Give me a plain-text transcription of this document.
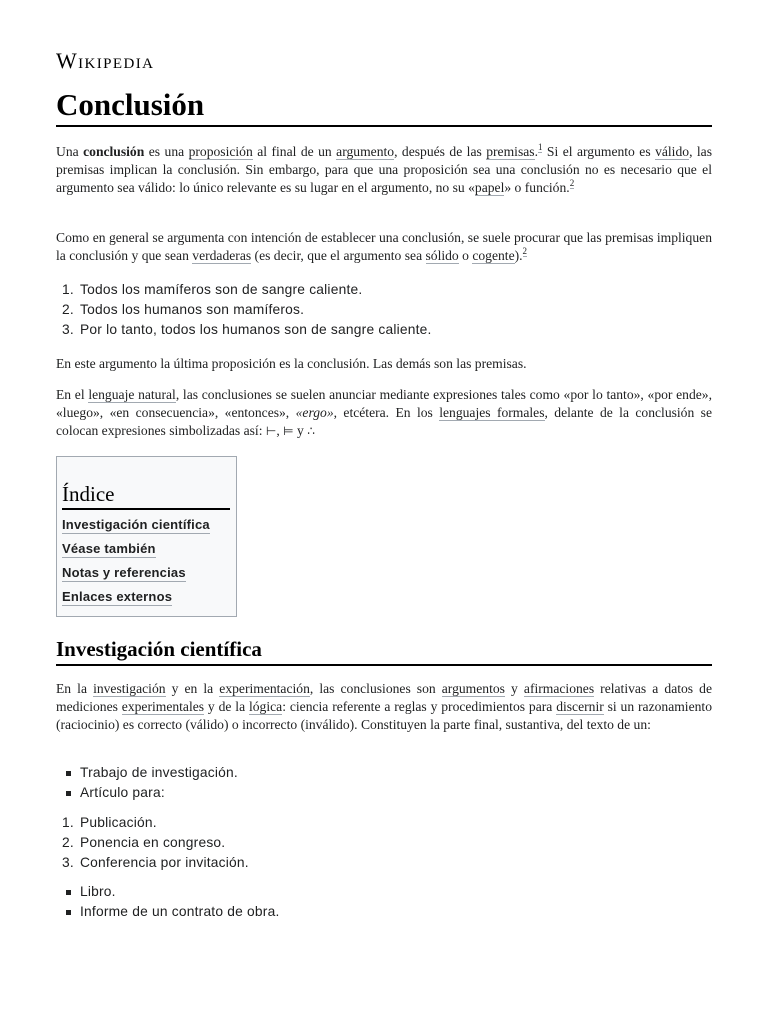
Wikipedia
Conclusión

Una conclusión es una proposición al final de un argumento, después de las premisas.$^1$ Si el argumento es válido, las premisas implican la conclusión. Sin embargo, para que una proposición sea una conclusión no es necesario que el argumento sea válido: lo único relevante es su lugar en el argumento, no su «papel» o función.$^2$

Como en general se argumenta con intención de establecer una conclusión, se suele procurar que las premisas impliquen la conclusión y que sean verdaderas (es decir, que el argumento sea sólido o cogente).$^2$

1. Todos los mamíferos son de sangre caliente.
2. Todos los humanos son mamíferos.
3. Por lo tanto, todos los humanos son de sangre caliente.

En este argumento la última proposición es la conclusión. Las demás son las premisas.

En el lenguaje natural, las conclusiones se suelen anunciar mediante expresiones tales como «por lo tanto», «por ende», «luego», «en consecuencia», «entonces», «ergo», etcétera. En los lenguajes formales, delante de la conclusión se colocan expresiones simbolizadas así: ⊢, ⊨ y ∴

Índice
Investigación científica
Véase también
Notas y referencias
Enlaces externos
Investigación científica

En la investigación y en la experimentación, las conclusiones son argumentos y afirmaciones relativas a datos de mediciones experimentales y de la lógica: ciencia referente a reglas y procedimientos para discernir si un razonamiento (raciocinio) es correcto (válido) o incorrecto (inválido). Constituyen la parte final, sustantiva, del texto de un:

Trabajo de investigación.
Artículo para:
1. Publicación.
2. Ponencia en congreso.
3. Conferencia por invitación.
Libro.
Informe de un contrato de obra.
